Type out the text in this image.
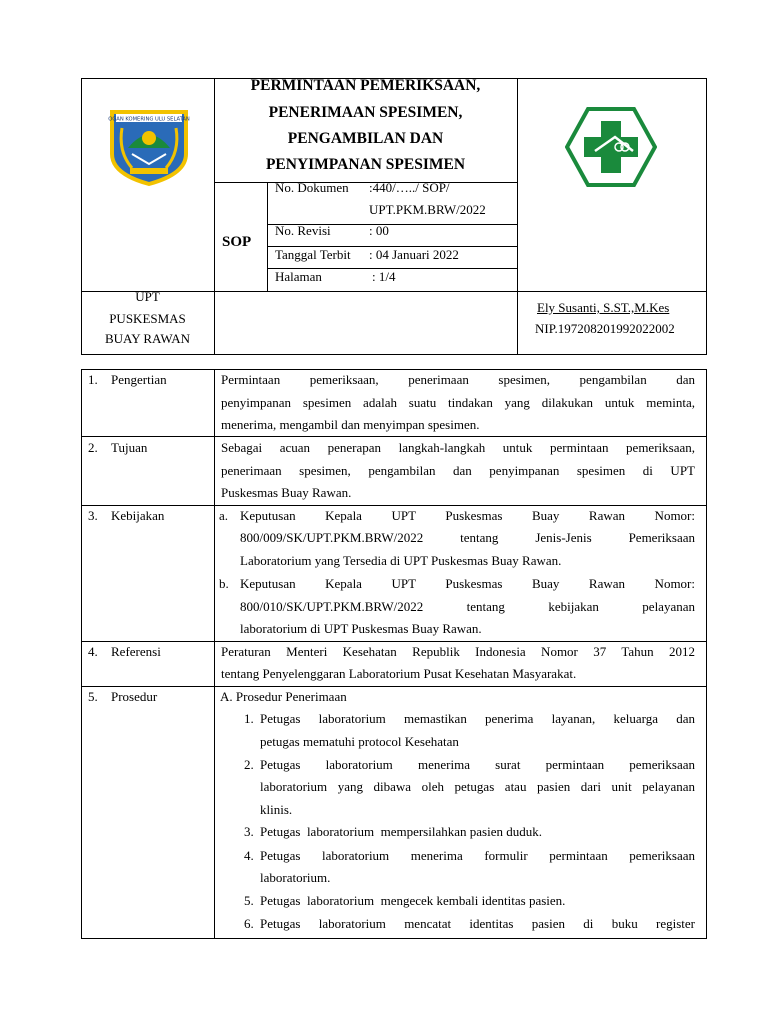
OGAN KOMERING ULU SELATAN
PERMINTAAN PEMERIKSAAN,
PENERIMAAN SPESIMEN,
PENGAMBILAN DAN
PENYIMPANAN SPESIMEN
SOP
No. Dokumen :440/…../ SOP/
UPT.PKM.BRW/2022
No. Revisi	: 00
Tanggal Terbit : 04 Januari 2022
Halaman	: 1/4
UPT
PUSKESMAS
BUAY RAWAN
Ely Susanti, S.ST.,M.Kes
NIP.197208201992022002
1. Pengertian
2. Tujuan
3. Kebijakan
4. Referensi
5. Prosedur
Permintaan pemeriksaan, penerimaan spesimen, pengambilan dan
penyimpanan spesimen adalah suatu tindakan yang dilakukan untuk meminta,
menerima, mengambil dan menyimpan spesimen.
Sebagai acuan penerapan langkah-langkah untuk permintaan pemeriksaan,
penerimaan spesimen, pengambilan dan penyimpanan spesimen di UPT
Puskesmas Buay Rawan.
a. Keputusan Kepala UPT Puskesmas Buay Rawan Nomor:
800/009/SK/UPT.PKM.BRW/2022 tentang Jenis-Jenis Pemeriksaan
Laboratorium yang Tersedia di UPT Puskesmas Buay Rawan.
b. Keputusan Kepala UPT Puskesmas Buay Rawan Nomor:
800/010/SK/UPT.PKM.BRW/2022 tentang kebijakan pelayanan
laboratorium di UPT Puskesmas Buay Rawan.
Peraturan Menteri Kesehatan Republik Indonesia Nomor 37 Tahun 2012
tentang Penyelenggaran Laboratorium Pusat Kesehatan Masyarakat.
A. Prosedur Penerimaan
1. Petugas laboratorium memastikan penerima layanan, keluarga dan
petugas mematuhi protocol Kesehatan
2. Petugas laboratorium menerima surat permintaan pemeriksaan
laboratorium yang dibawa oleh petugas atau pasien dari unit pelayanan
klinis.
3. Petugas  laboratorium  mempersilahkan pasien duduk.
4. Petugas laboratorium menerima formulir permintaan pemeriksaan
laboratorium.
5. Petugas  laboratorium  mengecek kembali identitas pasien.
6. Petugas laboratorium mencatat identitas pasien di buku register
